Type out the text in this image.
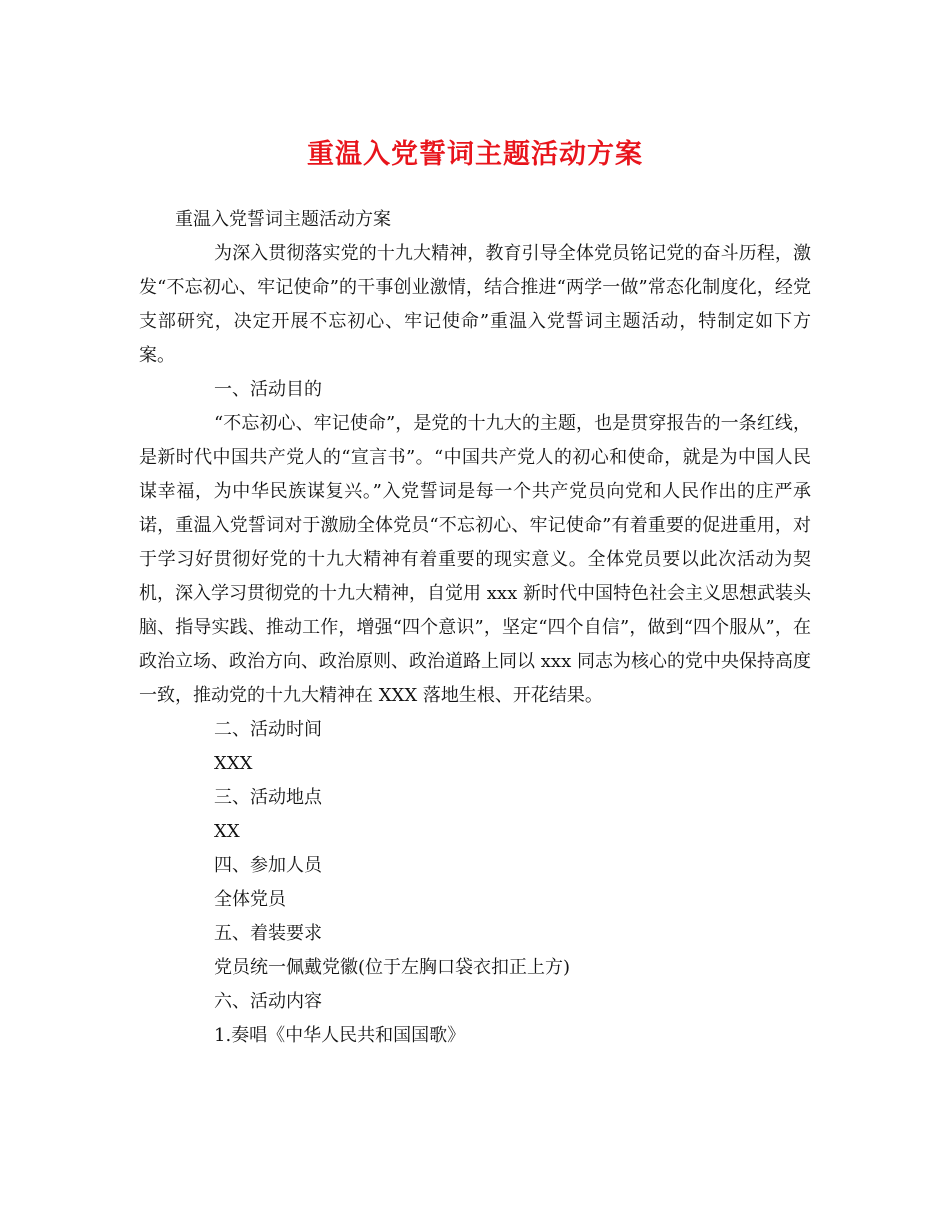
重温入党誓词主题活动方案

重温入党誓词主题活动方案

为深入贯彻落实党的十九大精神，教育引导全体党员铭记党的奋斗历程，激发“不忘初心、牢记使命”的干事创业激情，结合推进“两学一做”常态化制度化，经党支部研究，决定开展不忘初心、牢记使命”重温入党誓词主题活动，特制定如下方案。

一、活动目的

“不忘初心、牢记使命”，是党的十九大的主题，也是贯穿报告的一条红线，是新时代中国共产党人的“宣言书”。“中国共产党人的初心和使命，就是为中国人民谋幸福，为中华民族谋复兴。”入党誓词是每一个共产党员向党和人民作出的庄严承诺，重温入党誓词对于激励全体党员“不忘初心、牢记使命”有着重要的促进重用，对于学习好贯彻好党的十九大精神有着重要的现实意义。全体党员要以此次活动为契机，深入学习贯彻党的十九大精神，自觉用 xxx 新时代中国特色社会主义思想武装头脑、指导实践、推动工作，增强“四个意识”，坚定“四个自信”，做到“四个服从”，在政治立场、政治方向、政治原则、政治道路上同以 xxx 同志为核心的党中央保持高度一致，推动党的十九大精神在 XXX 落地生根、开花结果。

二、活动时间

XXX

三、活动地点

XX

四、参加人员

全体党员

五、着装要求

党员统一佩戴党徽(位于左胸口袋衣扣正上方)

六、活动内容

1.奏唱《中华人民共和国国歌》
